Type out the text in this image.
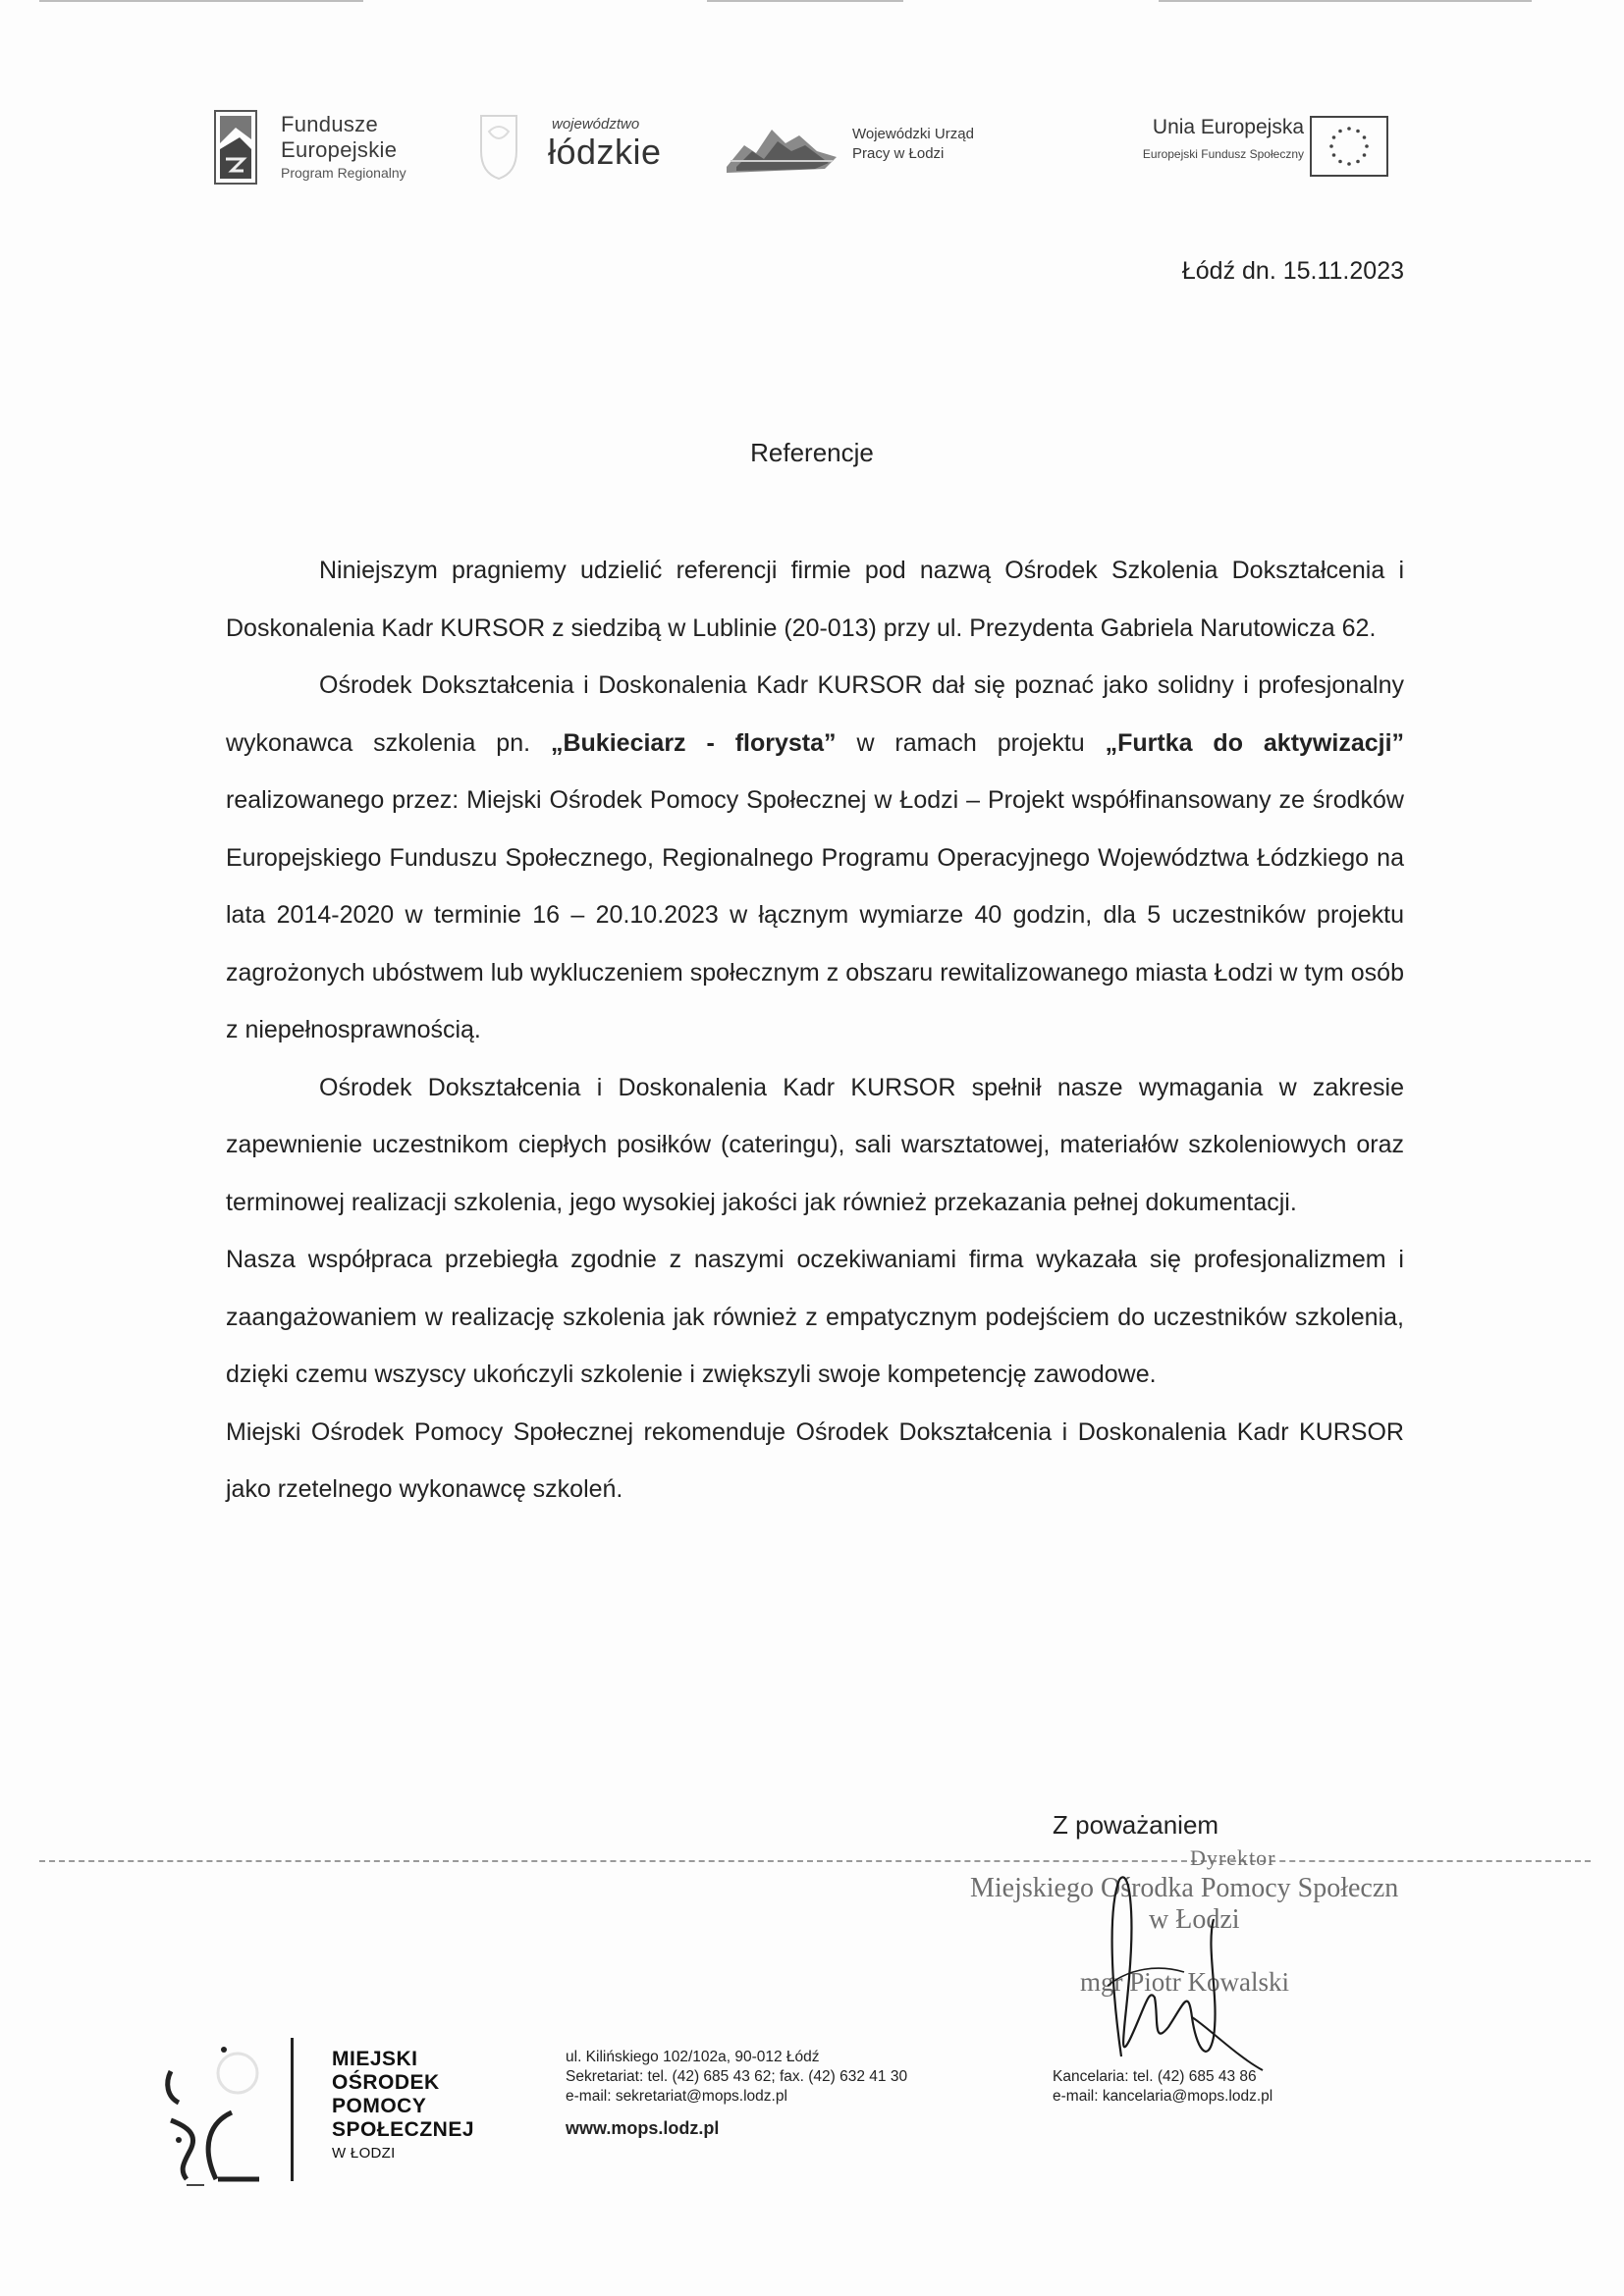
Fundusze
Europejskie
Program Regionalny
województwo
łódzkie	Wojewódzki Urząd
Pracy w Łodzi
Unia Europejska
Europejski Fundusz Społeczny
Łódź dn. 15.11.2023
Referencje

Niniejszym pragniemy udzielić referencji firmie pod nazwą Ośrodek Szkolenia Dokształcenia i Doskonalenia Kadr KURSOR z siedzibą w Lublinie (20-013) przy ul. Prezydenta Gabriela Narutowicza 62.

Ośrodek Dokształcenia i Doskonalenia Kadr KURSOR dał się poznać jako solidny i profesjonalny wykonawca szkolenia pn. „Bukieciarz - florysta” w ramach projektu „Furtka do aktywizacji” realizowanego przez: Miejski Ośrodek Pomocy Społecznej w Łodzi – Projekt współfinansowany ze środków Europejskiego Funduszu Społecznego, Regionalnego Programu Operacyjnego Województwa Łódzkiego na lata 2014-2020 w terminie 16 – 20.10.2023 w łącznym wymiarze 40 godzin, dla 5 uczestników projektu zagrożonych ubóstwem lub wykluczeniem społecznym z obszaru rewitalizowanego miasta Łodzi w tym osób z niepełnosprawnością.

Ośrodek Dokształcenia i Doskonalenia Kadr KURSOR spełnił nasze wymagania w zakresie zapewnienie uczestnikom ciepłych posiłków (cateringu), sali warsztatowej, materiałów szkoleniowych oraz terminowej realizacji szkolenia, jego wysokiej jakości jak również przekazania pełnej dokumentacji.

Nasza współpraca przebiegła zgodnie z naszymi oczekiwaniami firma wykazała się profesjonalizmem i zaangażowaniem w realizację szkolenia jak również z empatycznym podejściem do uczestników szkolenia, dzięki czemu wszyscy ukończyli szkolenie i zwiększyli swoje kompetencję zawodowe.

Miejski Ośrodek Pomocy Społecznej rekomenduje Ośrodek Dokształcenia i Doskonalenia Kadr KURSOR jako rzetelnego wykonawcę szkoleń.

Z poważaniem
Dyrektor
Miejskiego Ośrodka Pomocy Społeczn
w Łodzi
mgr Piotr Kowalski
MIEJSKI
OŚRODEK
POMOCY
SPOŁECZNEJ
W ŁODZI
ul. Kilińskiego 102/102a, 90-012 Łódź
Sekretariat: tel. (42) 685 43 62; fax. (42) 632 41 30
e-mail: sekretariat@mops.lodz.pl
www.mops.lodz.pl
Kancelaria: tel. (42) 685 43 86
e-mail: kancelaria@mops.lodz.pl
